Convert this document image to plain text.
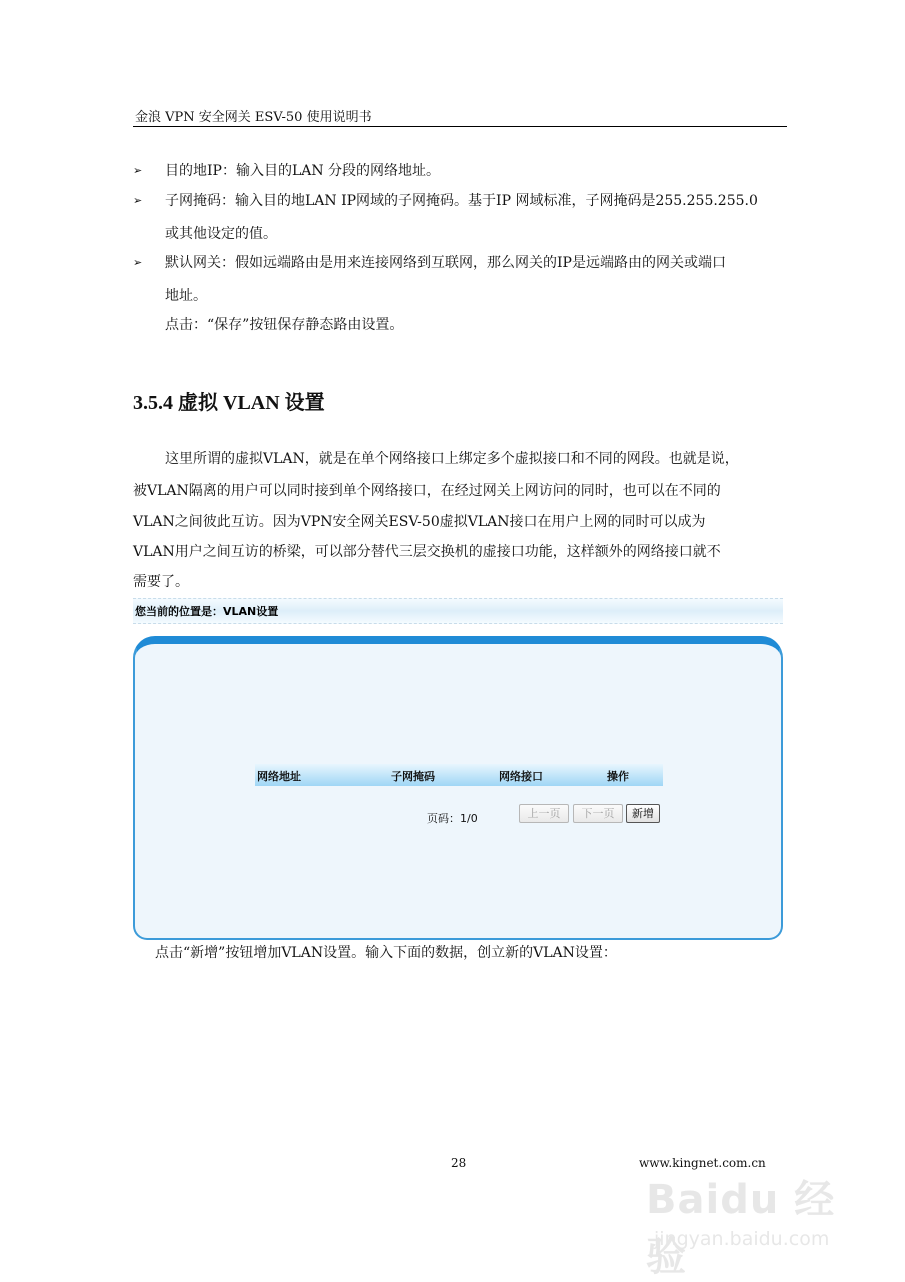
金浪 VPN 安全网关 ESV-50 使用说明书
➢ 目的地IP：输入目的LAN 分段的网络地址。
➢ 子网掩码：输入目的地LAN IP网域的子网掩码。基于IP 网域标准，子网掩码是255.255.255.0
或其他设定的值。
➢ 默认网关：假如远端路由是用来连接网络到互联网，那么网关的IP是远端路由的网关或端口
地址。
点击：“保存”按钮保存静态路由设置。
3.5.4 虚拟 VLAN 设置
这里所谓的虚拟VLAN，就是在单个网络接口上绑定多个虚拟接口和不同的网段。也就是说，
被VLAN隔离的用户可以同时接到单个网络接口，在经过网关上网访问的同时，也可以在不同的
VLAN之间彼此互访。因为VPN安全网关ESV-50虚拟VLAN接口在用户上网的同时可以成为
VLAN用户之间互访的桥梁，可以部分替代三层交换机的虚接口功能，这样额外的网络接口就不
需要了。
您当前的位置是：VLAN设置
网络地址	子网掩码	网络接口	操作
页码：1/0	上一页	下一页	新增
点击“新增”按钮增加VLAN设置。输入下面的数据，创立新的VLAN设置：
28	www.kingnet.com.cn
Baidu 经验
jingyan.baidu.com
